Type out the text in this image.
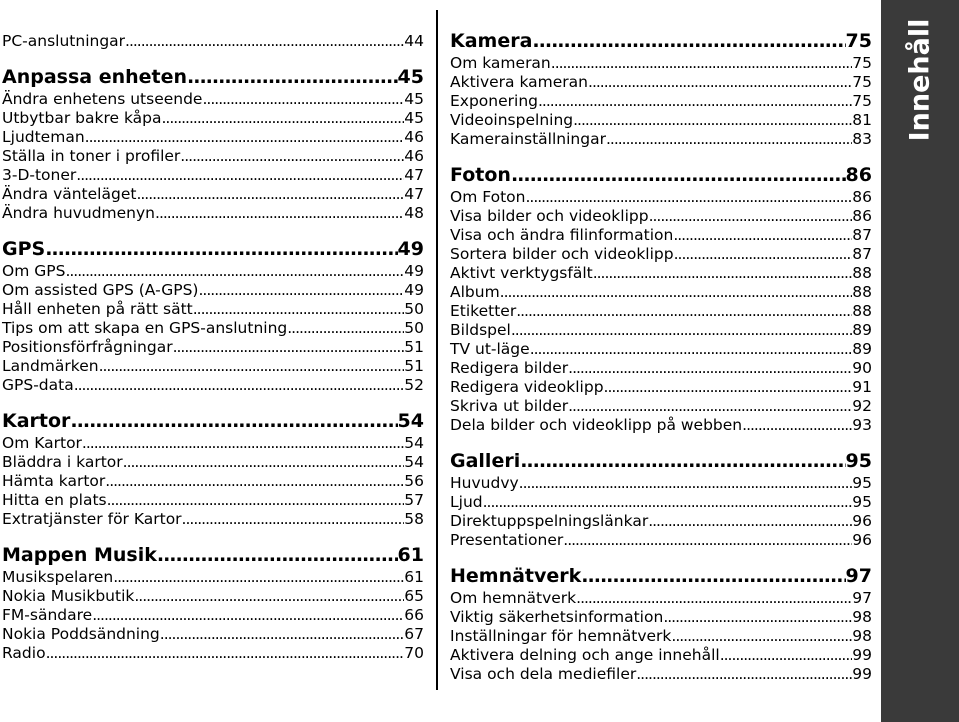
PC-anslutningar .....	44
Anpassa enheten .....	45
Ändra enhetens utseende .....	45
Utbytbar bakre kåpa .....	45
Ljudteman .....	46
Ställa in toner i profiler .....	46
3-D-toner .....	47
Ändra vänteläget .....	47
Ändra huvudmenyn .....	48
GPS .....	49
Om GPS .....	49
Om assisted GPS (A-GPS) .....	49
Håll enheten på rätt sätt .....	50
Tips om att skapa en GPS-anslutning .....	50
Positionsförfrågningar .....	51
Landmärken .....	51
GPS-data .....	52
Kartor .....	54
Om Kartor .....	54
Bläddra i kartor .....	54
Hämta kartor .....	56
Hitta en plats .....	57
Extratjänster för Kartor .....	58
Mappen Musik .....	61
Musikspelaren .....	61
Nokia Musikbutik .....	65
FM-sändare .....	66
Nokia Poddsändning .....	67
Radio .....	70
Kamera .....	75
Om kameran .....	75
Aktivera kameran .....	75
Exponering .....	75
Videoinspelning .....	81
Kamerainställningar .....	83
Foton .....	86
Om Foton .....	86
Visa bilder och videoklipp .....	86
Visa och ändra filinformation .....	87
Sortera bilder och videoklipp .....	87
Aktivt verktygsfält .....	88
Album .....	88
Etiketter .....	88
Bildspel .....	89
TV ut-läge .....	89
Redigera bilder .....	90
Redigera videoklipp .....	91
Skriva ut bilder .....	92
Dela bilder och videoklipp på webben .....	93
Galleri .....	95
Huvudvy .....	95
Ljud .....	95
Direktuppspelningslänkar .....	96
Presentationer .....	96
Hemnätverk .....	97
Om hemnätverk .....	97
Viktig säkerhetsinformation .....	98
Inställningar för hemnätverk .....	98
Aktivera delning och ange innehåll .....	99
Visa och dela mediefiler .....	99
Innehåll
